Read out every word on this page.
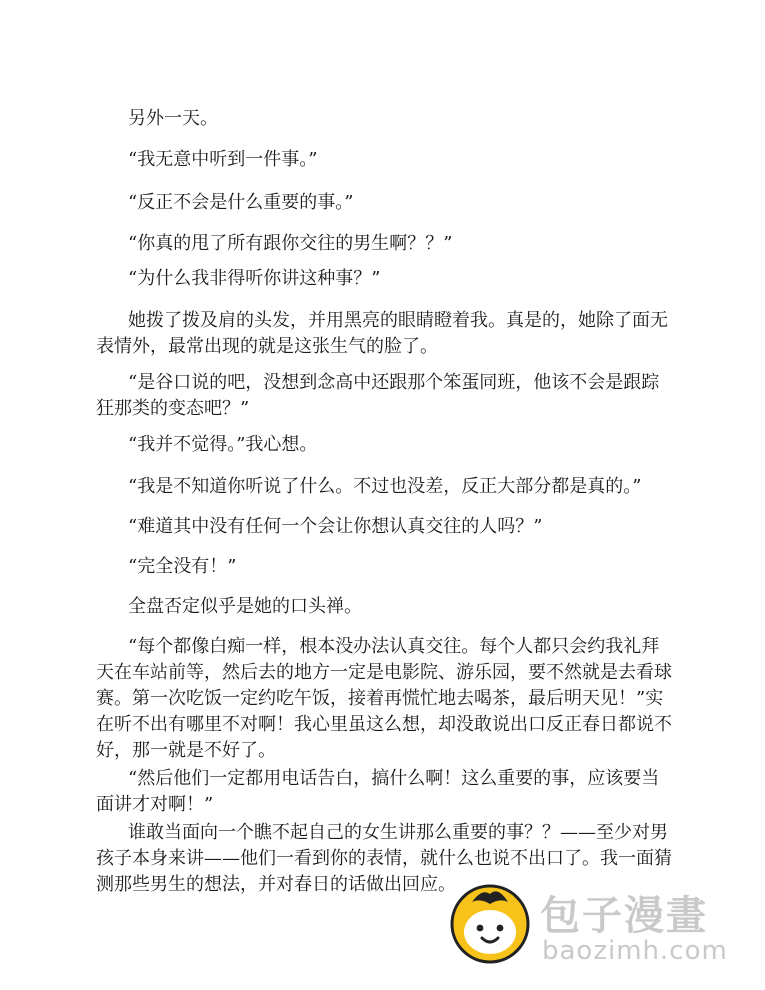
另外一天。

“我无意中听到一件事。”

“反正不会是什么重要的事。”

“你真的甩了所有跟你交往的男生啊？？”

“为什么我非得听你讲这种事？”

她拨了拨及肩的头发，并用黑亮的眼睛瞪着我。真是的，她除了面无表情外，最常出现的就是这张生气的脸了。

“是谷口说的吧，没想到念高中还跟那个笨蛋同班，他该不会是跟踪狂那类的变态吧？”

“我并不觉得。”我心想。

“我是不知道你听说了什么。不过也没差，反正大部分都是真的。”

“难道其中没有任何一个会让你想认真交往的人吗？”

“完全没有！”

全盘否定似乎是她的口头禅。

“每个都像白痴一样，根本没办法认真交往。每个人都只会约我礼拜天在车站前等，然后去的地方一定是电影院、游乐园，要不然就是去看球赛。第一次吃饭一定约吃午饭，接着再慌忙地去喝茶，最后明天见！”实在听不出有哪里不对啊！我心里虽这么想，却没敢说出口反正春日都说不好，那一就是不好了。

“然后他们一定都用电话告白，搞什么啊！这么重要的事，应该要当面讲才对啊！”

谁敢当面向一个瞧不起自己的女生讲那么重要的事？？——至少对男孩子本身来讲——他们一看到你的表情，就什么也说不出口了。我一面猜测那些男生的想法，并对春日的话做出回应。

包子漫畫
baozimh.com
